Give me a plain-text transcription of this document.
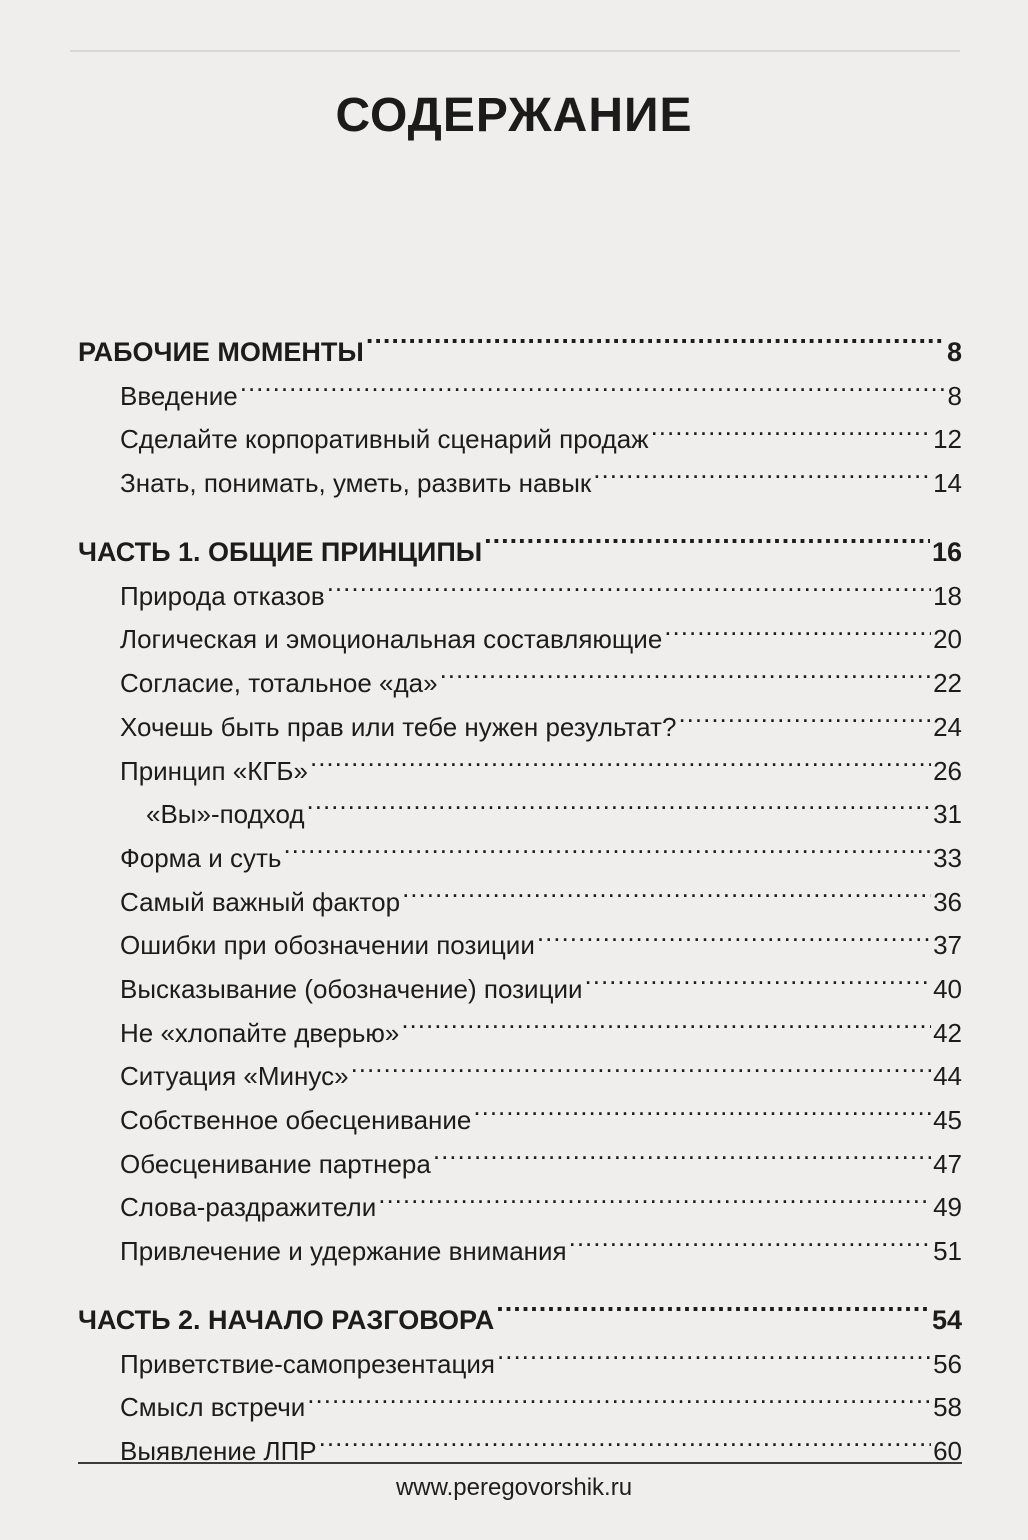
СОДЕРЖАНИЕ
РАБОЧИЕ МОМЕНТЫ .....	8
Введение .....	8
Сделайте корпоративный сценарий продаж .....	12
Знать, понимать, уметь, развить навык .....	14
ЧАСТЬ 1. ОБЩИЕ ПРИНЦИПЫ .....	16
Природа отказов .....	18
Логическая и эмоциональная составляющие .....	20
Согласие, тотальное «да» .....	22
Хочешь быть прав или тебе нужен результат? .....	24
Принцип «КГБ» .....	26
«Вы»-подход .....	31
Форма и суть .....	33
Самый важный фактор .....	36
Ошибки при обозначении позиции .....	37
Высказывание (обозначение) позиции .....	40
Не «хлопайте дверью» .....	42
Ситуация «Минус» .....	44
Собственное обесценивание .....	45
Обесценивание партнера .....	47
Слова-раздражители .....	49
Привлечение и удержание внимания .....	51
ЧАСТЬ 2. НАЧАЛО РАЗГОВОРА .....	54
Приветствие-самопрезентация .....	56
Смысл встречи .....	58
Выявление ЛПР .....	60
www.peregovorshik.ru
